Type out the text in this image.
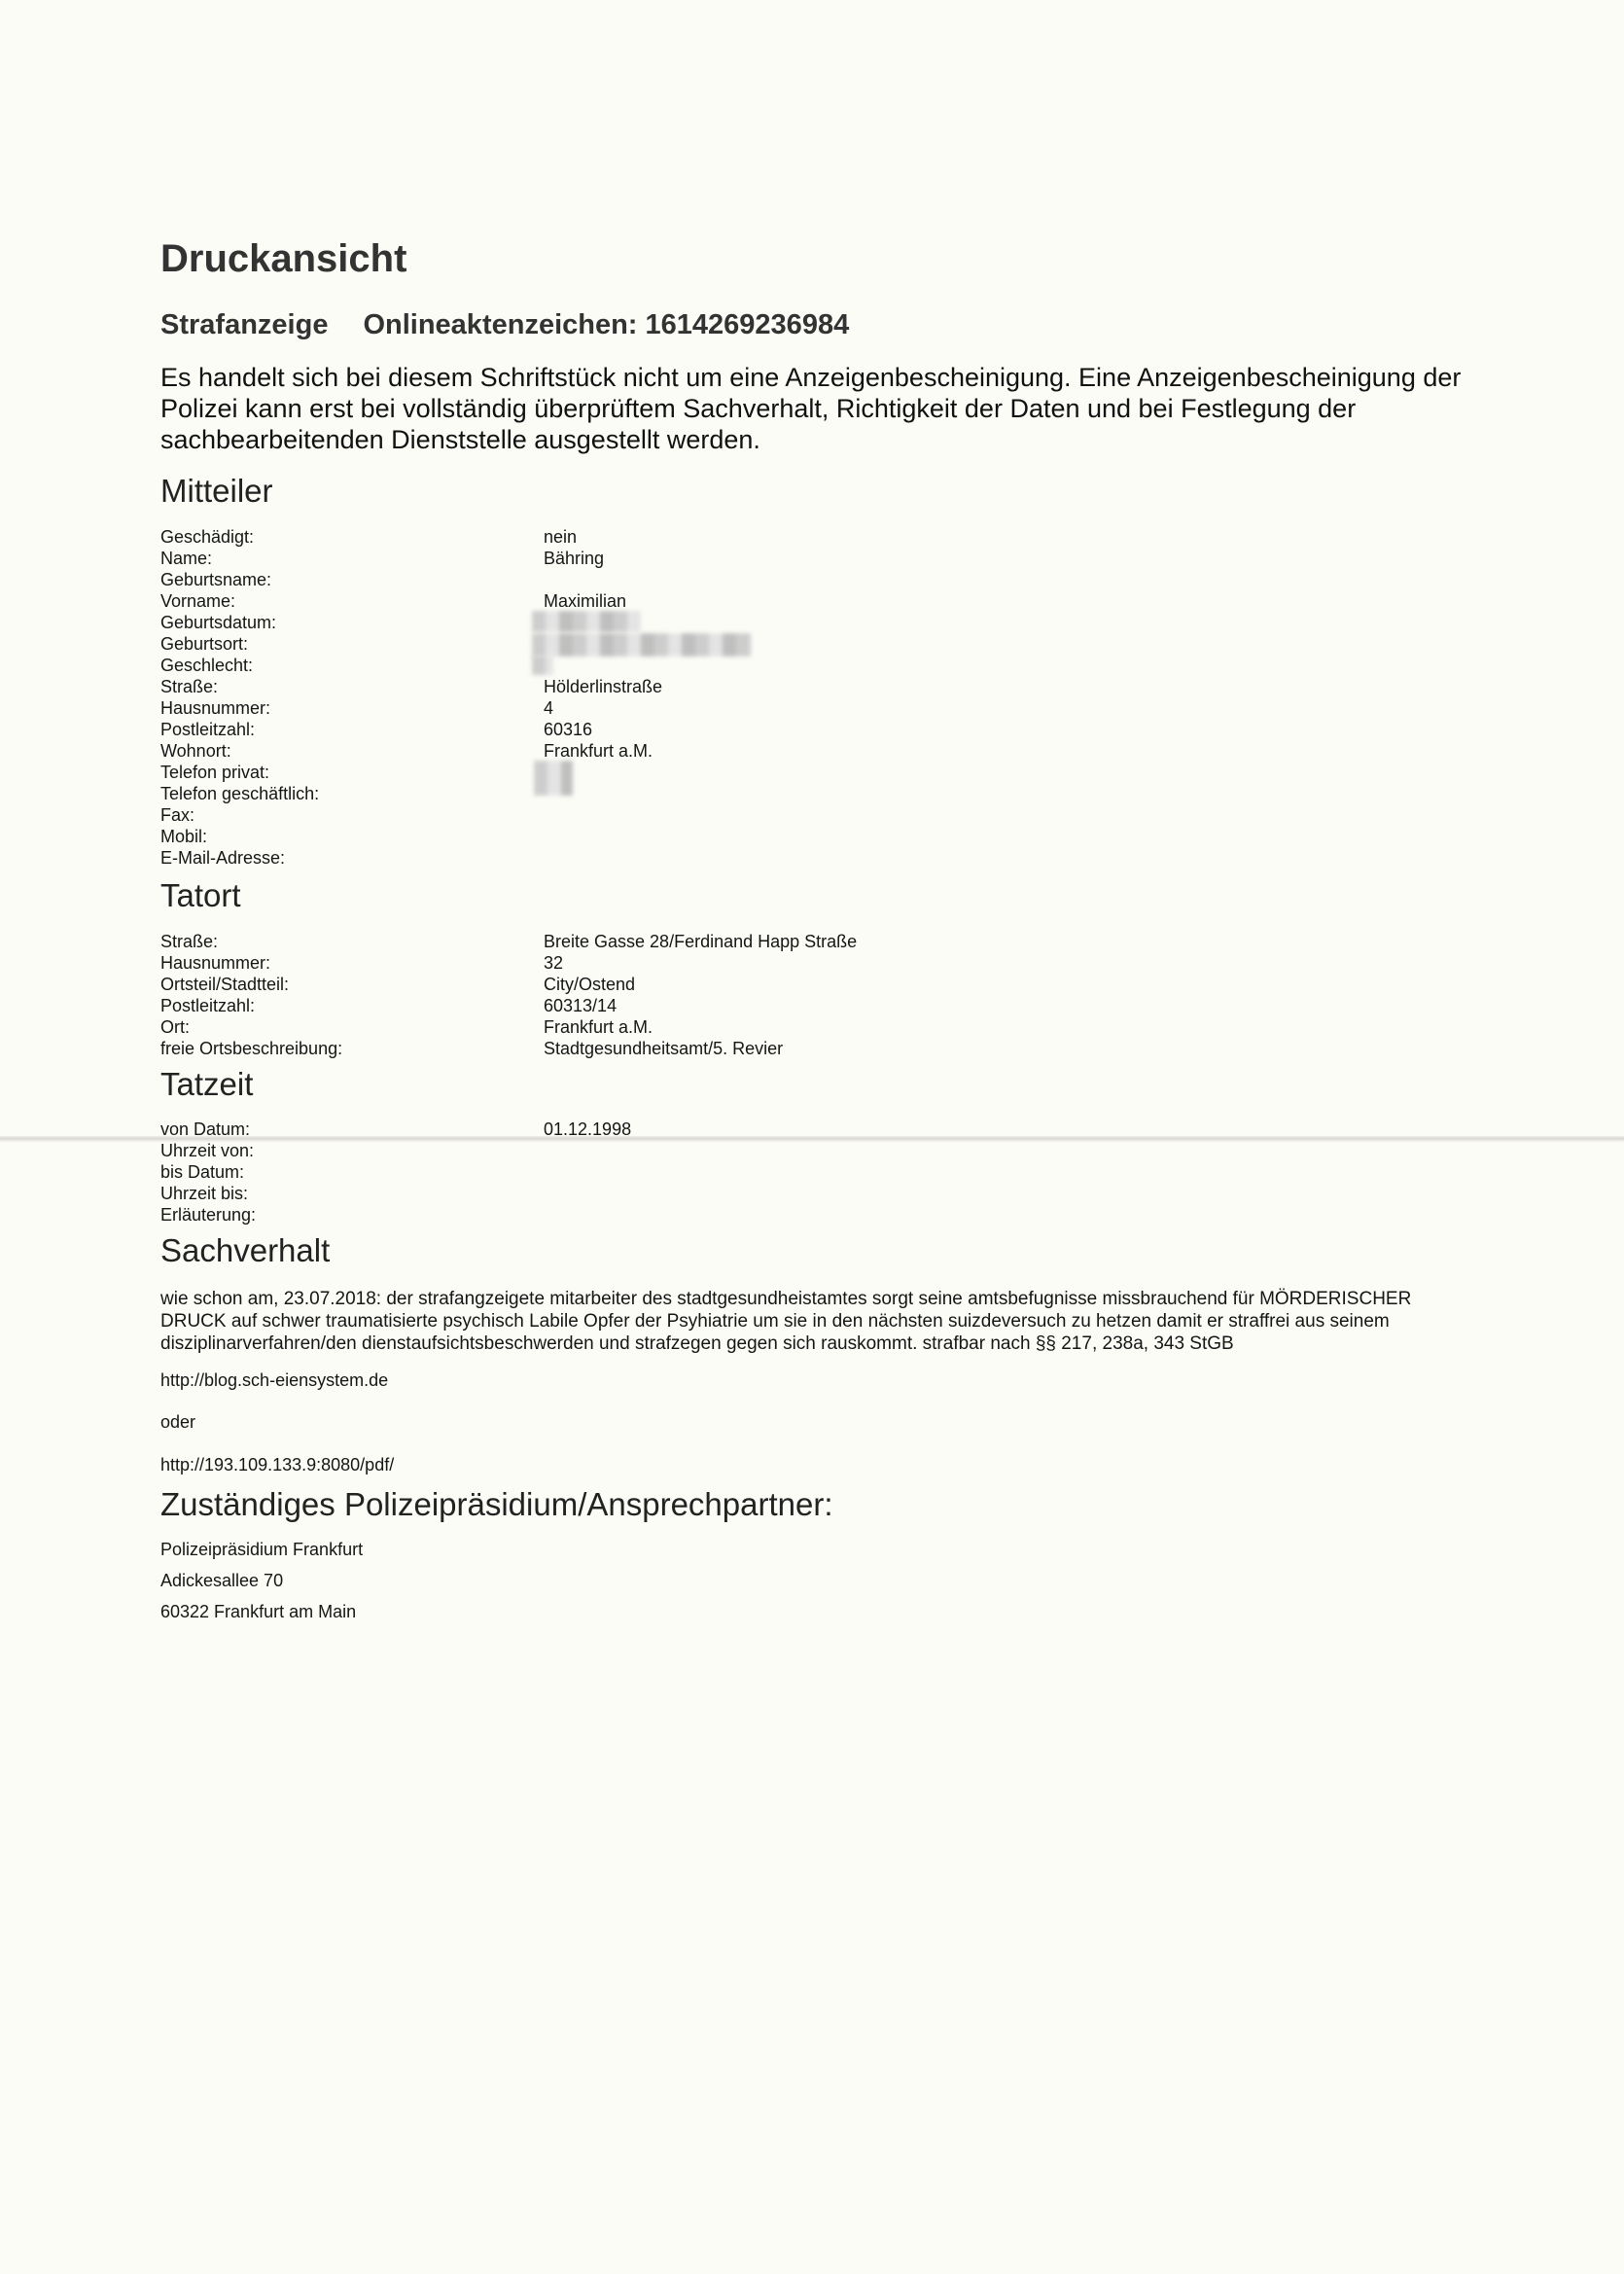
Druckansicht
Strafanzeige Onlineaktenzeichen: 1614269236984
Es handelt sich bei diesem Schriftstück nicht um eine Anzeigenbescheinigung. Eine Anzeigenbescheinigung der Polizei kann erst bei vollständig überprüftem Sachverhalt, Richtigkeit der Daten und bei Festlegung der sachbearbeitenden Dienststelle ausgestellt werden.
Mitteiler
Geschädigt:	nein
Name:	Bähring
Geburtsname:
Vorname:	Maximilian
Geburtsdatum:
Geburtsort:
Geschlecht:
Straße:	Hölderlinstraße
Hausnummer:	4
Postleitzahl:	60316
Wohnort:	Frankfurt a.M.
Telefon privat:
Telefon geschäftlich:
Fax:
Mobil:
E-Mail-Adresse:
Tatort
Straße:	Breite Gasse 28/Ferdinand Happ Straße
Hausnummer:	32
Ortsteil/Stadtteil:	City/Ostend
Postleitzahl:	60313/14
Ort:	Frankfurt a.M.
freie Ortsbeschreibung:	Stadtgesundheitsamt/5. Revier
Tatzeit
von Datum:	01.12.1998
Uhrzeit von:
bis Datum:
Uhrzeit bis:
Erläuterung:
Sachverhalt
wie schon am, 23.07.2018: der strafangzeigete mitarbeiter des stadtgesundheistamtes sorgt seine amtsbefugnisse missbrauchend für MÖRDERISCHER
DRUCK auf schwer traumatisierte psychisch Labile Opfer der Psyhiatrie um sie in den nächsten suizdeversuch zu hetzen damit er straffrei aus seinem
disziplinarverfahren/den dienstaufsichtsbeschwerden und strafzegen gegen sich rauskommt. strafbar nach §§ 217, 238a, 343 StGB
http://blog.sch-eiensystem.de
oder
http://193.109.133.9:8080/pdf/
Zuständiges Polizeipräsidium/Ansprechpartner:
Polizeipräsidium Frankfurt
Adickesallee 70
60322 Frankfurt am Main
